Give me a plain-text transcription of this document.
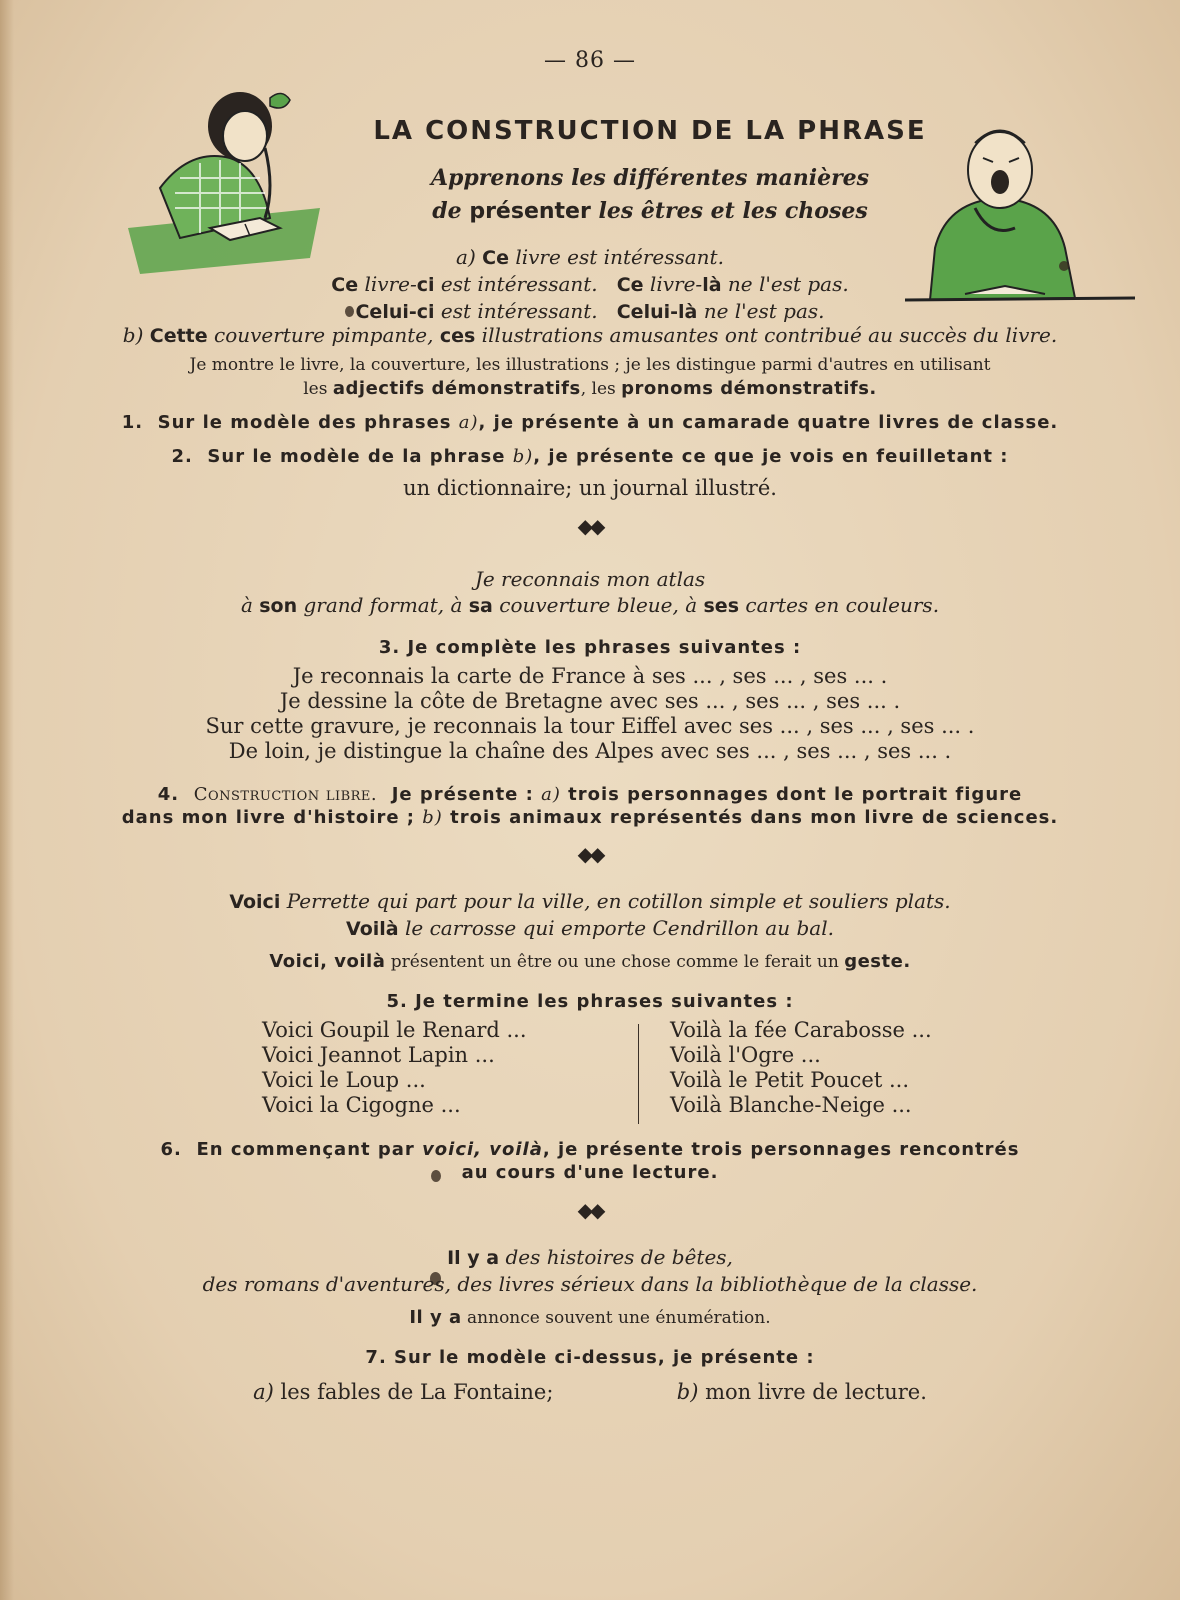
— 86 —
LA CONSTRUCTION DE LA PHRASE
Apprenons les différentes manières
de présenter les êtres et les choses
a) Ce livre est intéressant.
Ce livre-ci est intéressant. Ce livre-là ne l'est pas.
Celui-ci est intéressant. Celui-là ne l'est pas.
b) Cette couverture pimpante, ces illustrations amusantes ont contribué au succès du livre.
Je montre le livre, la couverture, les illustrations ; je les distingue parmi d'autres en utilisant
les adjectifs démonstratifs, les pronoms démonstratifs.
1. Sur le modèle des phrases a), je présente à un camarade quatre livres de classe.
2. Sur le modèle de la phrase b), je présente ce que je vois en feuilletant :
un dictionnaire; un journal illustré.
◆◆
Je reconnais mon atlas
à son grand format, à sa couverture bleue, à ses cartes en couleurs.
3. Je complète les phrases suivantes :
Je reconnais la carte de France à ses ... , ses ... , ses ... .
Je dessine la côte de Bretagne avec ses ... , ses ... , ses ... .
Sur cette gravure, je reconnais la tour Eiffel avec ses ... , ses ... , ses ... .
De loin, je distingue la chaîne des Alpes avec ses ... , ses ... , ses ... .
4. Construction libre. Je présente : a) trois personnages dont le portrait figure
dans mon livre d'histoire ; b) trois animaux représentés dans mon livre de sciences.
◆◆
Voici Perrette qui part pour la ville, en cotillon simple et souliers plats.
Voilà le carrosse qui emporte Cendrillon au bal.
Voici, voilà présentent un être ou une chose comme le ferait un geste.
5. Je termine les phrases suivantes :
Voici Goupil le Renard ...
Voici Jeannot Lapin ...
Voici le Loup ...
Voici la Cigogne ...
Voilà la fée Carabosse ...
Voilà l'Ogre ...
Voilà le Petit Poucet ...
Voilà Blanche-Neige ...
6. En commençant par voici, voilà, je présente trois personnages rencontrés
au cours d'une lecture.
◆◆
Il y a des histoires de bêtes,
des romans d'aventures, des livres sérieux dans la bibliothèque de la classe.
Il y a annonce souvent une énumération.
7. Sur le modèle ci-dessus, je présente :
a) les fables de La Fontaine;	b) mon livre de lecture.
